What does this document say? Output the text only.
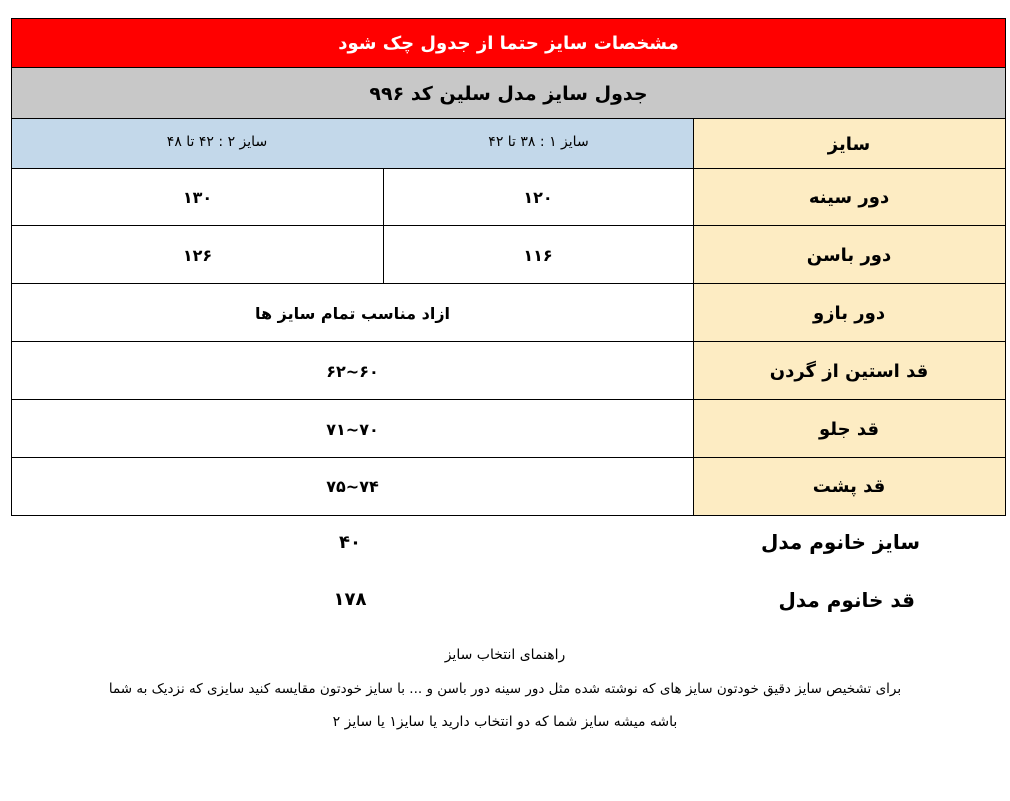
مشخصات سایز حتما از جدول چک شود
جدول سایز مدل سلین کد ۹۹۶
سایز
سایز ۱ : ۳۸ تا ۴۲
سایز ۲ : ۴۲ تا ۴۸
دور سینه
۱۲۰
۱۳۰
دور باسن
۱۱۶
۱۲۶
دور بازو
ازاد مناسب تمام سایز ها
قد استین از گردن
۶۰~۶۲
قد جلو
۷۰~۷۱
قد پشت
۷۴~۷۵
سایز خانوم مدل
۴۰
قد خانوم مدل
۱۷۸
راهنمای انتخاب سایز
برای تشخیص سایز دقیق خودتون سایز های که نوشته شده مثل دور سینه دور باسن و ... با سایز خودتون مقایسه کنید سایزی که نزدیک به شما
باشه میشه سایز شما که دو انتخاب دارید یا سایز۱ یا سایز ۲
